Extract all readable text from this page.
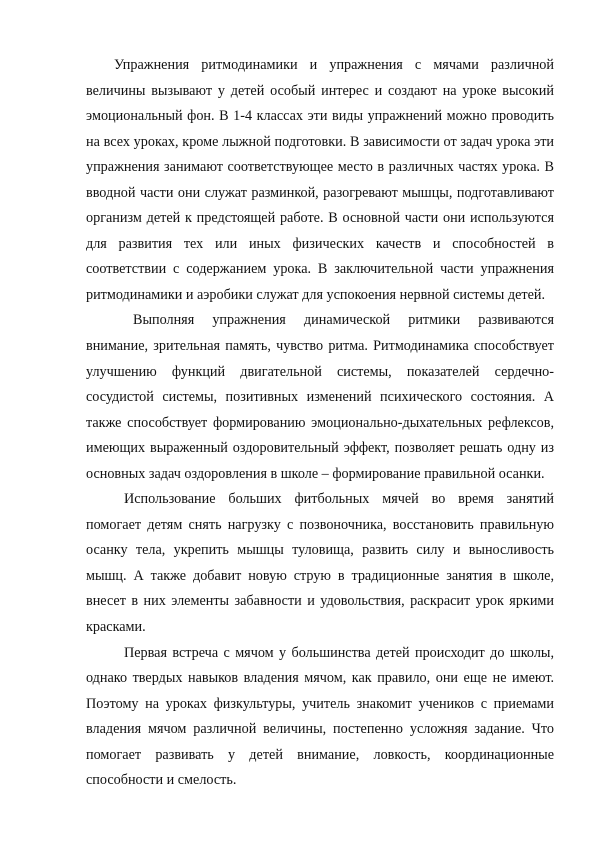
Упражнения ритмодинамики и упражнения с мячами различной величины вызывают у детей особый интерес и создают на уроке высокий эмоциональный фон. В 1-4 классах эти виды упражнений можно проводить на всех уроках, кроме лыжной подготовки. В зависимости от задач урока эти упражнения занимают соответствующее место в различных частях урока. В вводной части они служат разминкой, разогревают мышцы, подготавливают организм детей к предстоящей работе. В основной части они используются для развития тех или иных физических качеств и способностей в соответствии с содержанием урока. В заключительной части упражнения ритмодинамики и аэробики служат для успокоения нервной системы детей.

Выполняя упражнения динамической ритмики развиваются внимание, зрительная память, чувство ритма. Ритмодинамика способствует улучшению функций двигательной системы, показателей сердечно-сосудистой системы, позитивных изменений психического состояния. А также способствует формированию эмоционально-дыхательных рефлексов, имеющих выраженный оздоровительный эффект, позволяет решать одну из основных задач оздоровления в школе – формирование правильной осанки.

Использование больших фитбольных мячей во время занятий помогает детям снять нагрузку с позвоночника, восстановить правильную осанку тела, укрепить мышцы туловища, развить силу и выносливость мышц. А также добавит новую струю в традиционные занятия в школе, внесет в них элементы забавности и удовольствия, раскрасит урок яркими красками.

Первая встреча с мячом у большинства детей происходит до школы, однако твердых навыков владения мячом, как правило, они еще не имеют. Поэтому на уроках физкультуры, учитель знакомит учеников с приемами владения мячом различной величины, постепенно усложняя задание. Что помогает развивать у детей внимание, ловкость, координационные способности и смелость.
